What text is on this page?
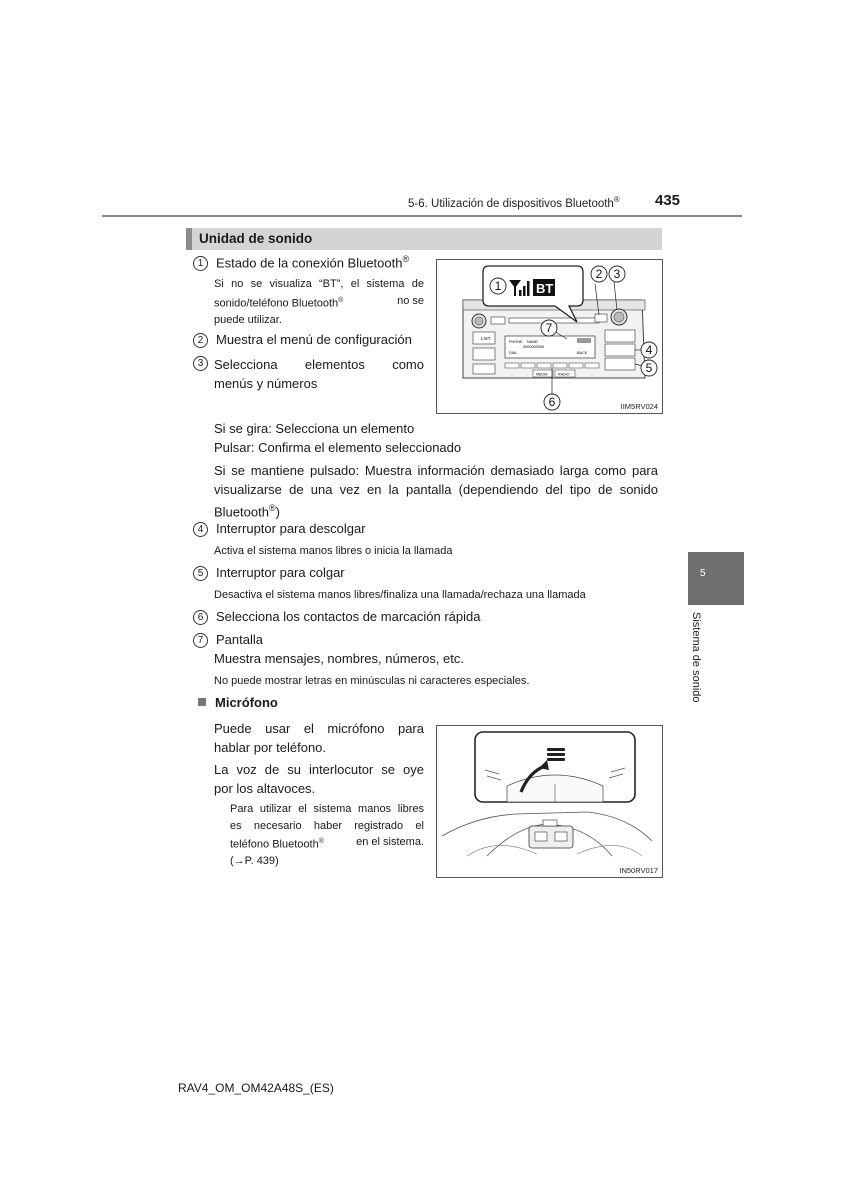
5-6. Utilización de dispositivos Bluetooth® 435
5
Sistema de sonido
Unidad de sonido
1 Estado de la conexión Bluetooth®
Si no se visualiza “BT”, el sistema de
sonido/teléfono Bluetooth®	no se
puede utilizar.
2 Muestra el menú de configuración
3 Selecciona elementos como
menús y números
Si se gira: Selecciona un elemento
Pulsar: Confirma el elemento seleccionado
Si se mantiene pulsado: Muestra información demasiado larga como para
visualizarse de una vez en la pantalla (dependiendo del tipo de sonido
Bluetooth®)
4 Interruptor para descolgar
Activa el sistema manos libres o inicia la llamada
5 Interruptor para colgar
Desactiva el sistema manos libres/finaliza una llamada/rechaza una llamada
6 Selecciona los contactos de marcación rápida
7 Pantalla
Muestra mensajes, nombres, números, etc.
No puede mostrar letras en minúsculas ni caracteres especiales.
Micrófono
Puede usar el micrófono para
hablar por teléfono.
La voz de su interlocutor se oye
por los altavoces.
Para utilizar el sistema manos libres
es necesario haber registrado el
teléfono Bluetooth®	en el sistema.
(→P. 439)
LIST
PHONE NAME
0000000000
DIAL	BACK
MEDIA	RADIO
BT
1
2 3
4
5
7
6	IIM5RV024
IN50RV017
RAV4_OM_OM42A48S_(ES)
